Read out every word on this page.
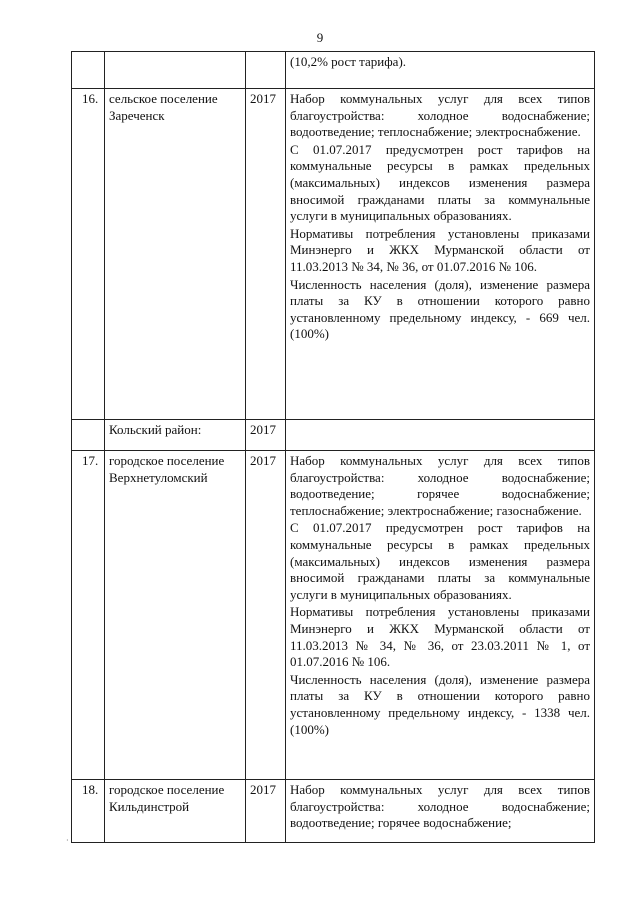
9

			(10,2% рост тарифа).

16.	сельское поселение Зареченск	2017	Набор коммунальных услуг для всех типов благоустройства: холодное водоснабжение; водоотведение; теплоснабжение; электроснабжение.
С 01.07.2017 предусмотрен рост тарифов на коммунальные ресурсы в рамках предельных (максимальных) индексов изменения размера вносимой гражданами платы за коммунальные услуги в муниципальных образованиях.
Нормативы потребления установлены приказами Минэнерго и ЖКХ Мурманской области от 11.03.2013 № 34, № 36, от 01.07.2016 № 106.
Численность населения (доля), изменение размера платы за КУ в отношении которого равно установленному предельному индексу, - 669 чел. (100%)

	Кольский район:	2017	
17.	городское поселение Верхнетуломский	2017	Набор коммунальных услуг для всех типов благоустройства: холодное водоснабжение; водоотведение; горячее водоснабжение; теплоснабжение; электроснабжение; газоснабжение.
С 01.07.2017 предусмотрен рост тарифов на коммунальные ресурсы в рамках предельных (максимальных) индексов изменения размера вносимой гражданами платы за коммунальные услуги в муниципальных образованиях.
Нормативы потребления установлены приказами Минэнерго и ЖКХ Мурманской области от 11.03.2013 № 34, № 36, от 23.03.2011 № 1, от 01.07.2016 № 106.
Численность населения (доля), изменение размера платы за КУ в отношении которого равно установленному предельному индексу, - 1338 чел. (100%)

18.	городское поселение Кильдинстрой	2017	Набор коммунальных услуг для всех типов благоустройства: холодное водоснабжение; водоотведение; горячее водоснабжение;
·
